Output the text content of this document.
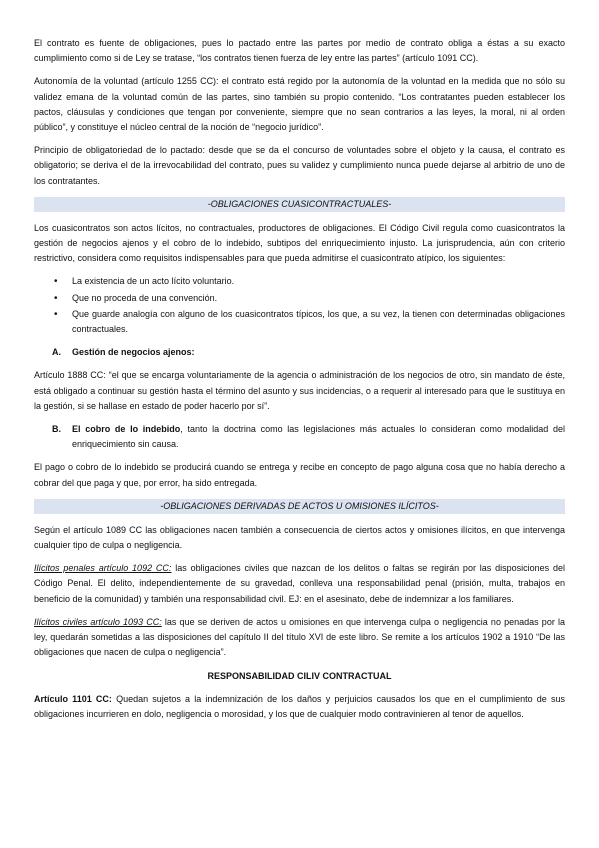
El contrato es fuente de obligaciones, pues lo pactado entre las partes por medio de contrato obliga a éstas a su exacto cumplimiento como si de Ley se tratase, “los contratos tienen fuerza de ley entre las partes” (artículo 1091 CC).

Autonomía de la voluntad (artículo 1255 CC): el contrato está regido por la autonomía de la voluntad en la medida que no sólo su validez emana de la voluntad común de las partes, sino también su propio contenido. “Los contratantes pueden establecer los pactos, cláusulas y condiciones que tengan por conveniente, siempre que no sean contrarios a las leyes, la moral, ni al orden público”, y constituye el núcleo central de la noción de “negocio jurídico”.

Principio de obligatoriedad de lo pactado: desde que se da el concurso de voluntades sobre el objeto y la causa, el contrato es obligatorio; se deriva el de la irrevocabilidad del contrato, pues su validez y cumplimiento nunca puede dejarse al arbitrio de uno de los contratantes.

-OBLIGACIONES CUASICONTRACTUALES-

Los cuasicontratos son actos lícitos, no contractuales, productores de obligaciones. El Código Civil regula como cuasicontratos la gestión de negocios ajenos y el cobro de lo indebido, subtipos del enriquecimiento injusto. La jurisprudencia, aún con criterio restrictivo, considera como requisitos indispensables para que pueda admitirse el cuasicontrato atípico, los siguientes:

• La existencia de un acto lícito voluntario.
• Que no proceda de una convención.
• Que guarde analogía con alguno de los cuasicontratos típicos, los que, a su vez, la tienen con determinadas obligaciones contractuales.
A.	Gestión de negocios ajenos:

Artículo 1888 CC: “el que se encarga voluntariamente de la agencia o administración de los negocios de otro, sin mandato de éste, está obligado a continuar su gestión hasta el término del asunto y sus incidencias, o a requerir al interesado para que le sustituya en la gestión, si se hallase en estado de poder hacerlo por sí”.

B.	El cobro de lo indebido, tanto la doctrina como las legislaciones más actuales lo consideran como modalidad del enriquecimiento sin causa.

El pago o cobro de lo indebido se producirá cuando se entrega y recibe en concepto de pago alguna cosa que no había derecho a cobrar del que paga y que, por error, ha sido entregada.

-OBLIGACIONES DERIVADAS DE ACTOS U OMISIONES ILÍCITOS-

Según el artículo 1089 CC las obligaciones nacen también a consecuencia de ciertos actos y omisiones ilícitos, en que intervenga cualquier tipo de culpa o negligencia.

Ilícitos penales artículo 1092 CC: las obligaciones civiles que nazcan de los delitos o faltas se regirán por las disposiciones del Código Penal. El delito, independientemente de su gravedad, conlleva una responsabilidad penal (prisión, multa, trabajos en beneficio de la comunidad) y también una responsabilidad civil. EJ: en el asesinato, debe de indemnizar a los familiares.

Ilícitos civiles artículo 1093 CC: las que se deriven de actos u omisiones en que intervenga culpa o negligencia no penadas por la ley, quedarán sometidas a las disposiciones del capítulo II del título XVI de este libro. Se remite a los artículos 1902 a 1910 “De las obligaciones que nacen de culpa o negligencia”.

RESPONSABILIDAD CILIV CONTRACTUAL

Artículo 1101 CC: Quedan sujetos a la indemnización de los daños y perjuicios causados los que en el cumplimiento de sus obligaciones incurrieren en dolo, negligencia o morosidad, y los que de cualquier modo contravinieren al tenor de aquellos.
